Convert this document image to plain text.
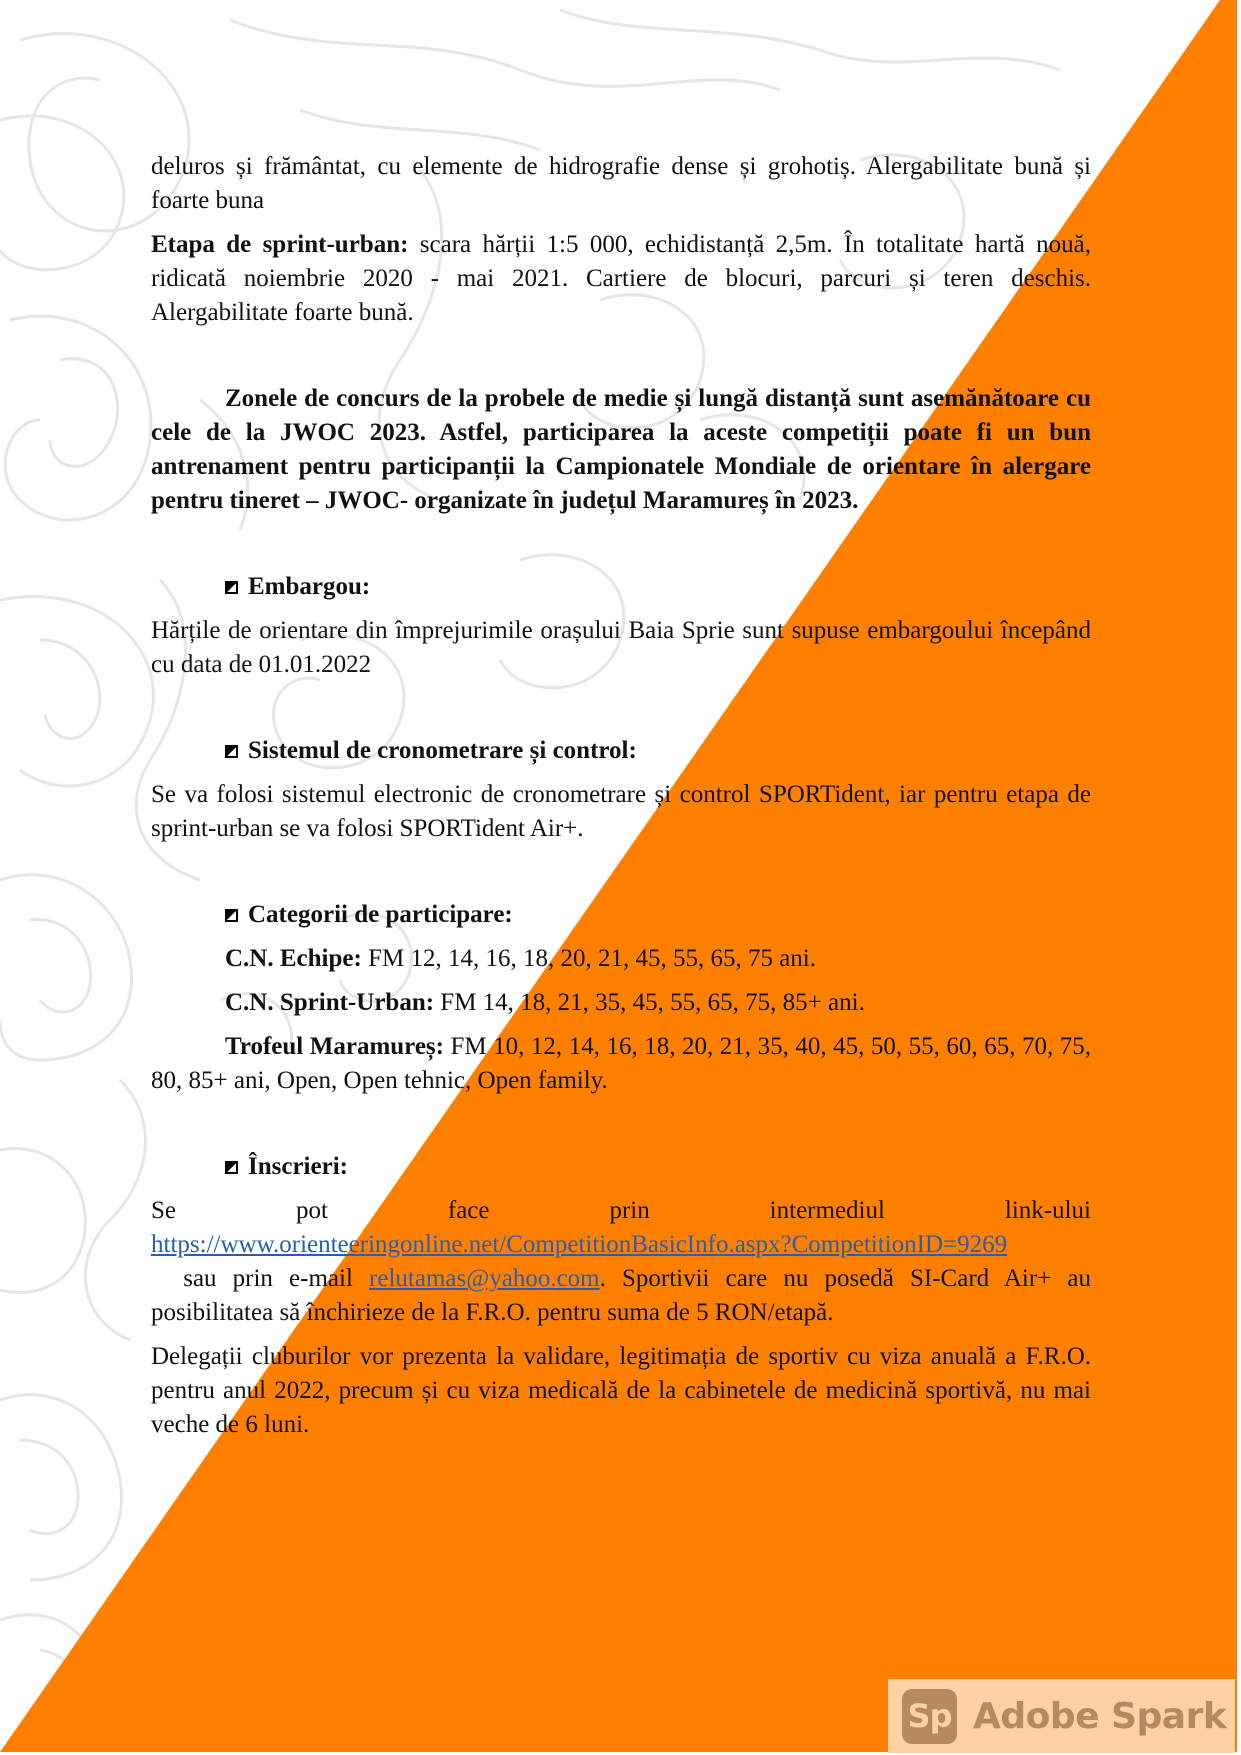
deluros și frământat, cu elemente de hidrografie dense și grohotiș. Alergabilitate bună și foarte buna

Etapa de sprint-urban: scara hărții 1:5 000, echidistanță 2,5m. În totalitate hartă nouă, ridicată noiembrie 2020 - mai 2021. Cartiere de blocuri, parcuri și teren deschis. Alergabilitate foarte bună.

Zonele de concurs de la probele de medie și lungă distanță sunt asemănătoare cu cele de la JWOC 2023. Astfel, participarea la aceste competiții poate fi un bun antrenament pentru participanții la Campionatele Mondiale de orientare în alergare pentru tineret – JWOC- organizate în județul Maramureș în 2023.

Embargou:

Hărțile de orientare din împrejurimile orașului Baia Sprie sunt supuse embargoului începând cu data de 01.01.2022

Sistemul de cronometrare și control:

Se va folosi sistemul electronic de cronometrare și control SPORTident, iar pentru etapa de sprint-urban se va folosi SPORTident Air+.

Categorii de participare:

C.N. Echipe: FM 12, 14, 16, 18, 20, 21, 45, 55, 65, 75 ani.

C.N. Sprint-Urban: FM 14, 18, 21, 35, 45, 55, 65, 75, 85+ ani.

Trofeul Maramureș: FM 10, 12, 14, 16, 18, 20, 21, 35, 40, 45, 50, 55, 60, 65, 70, 75, 80, 85+ ani, Open, Open tehnic, Open family.

Înscrieri:

Se pot face prin intermediul link-ului

https://www.orienteeringonline.net/CompetitionBasicInfo.aspx?CompetitionID=9269  sau prin e-mail relutamas@yahoo.com. Sportivii care nu posedă SI-Card Air+ au posibilitatea să închirieze de la F.R.O. pentru suma de 5 RON/etapă.

Delegații cluburilor vor prezenta la validare, legitimația de sportiv cu viza anuală a F.R.O. pentru anul 2022, precum și cu viza medicală de la cabinetele de medicină sportivă, nu mai veche de 6 luni.

Sp Adobe Spark
